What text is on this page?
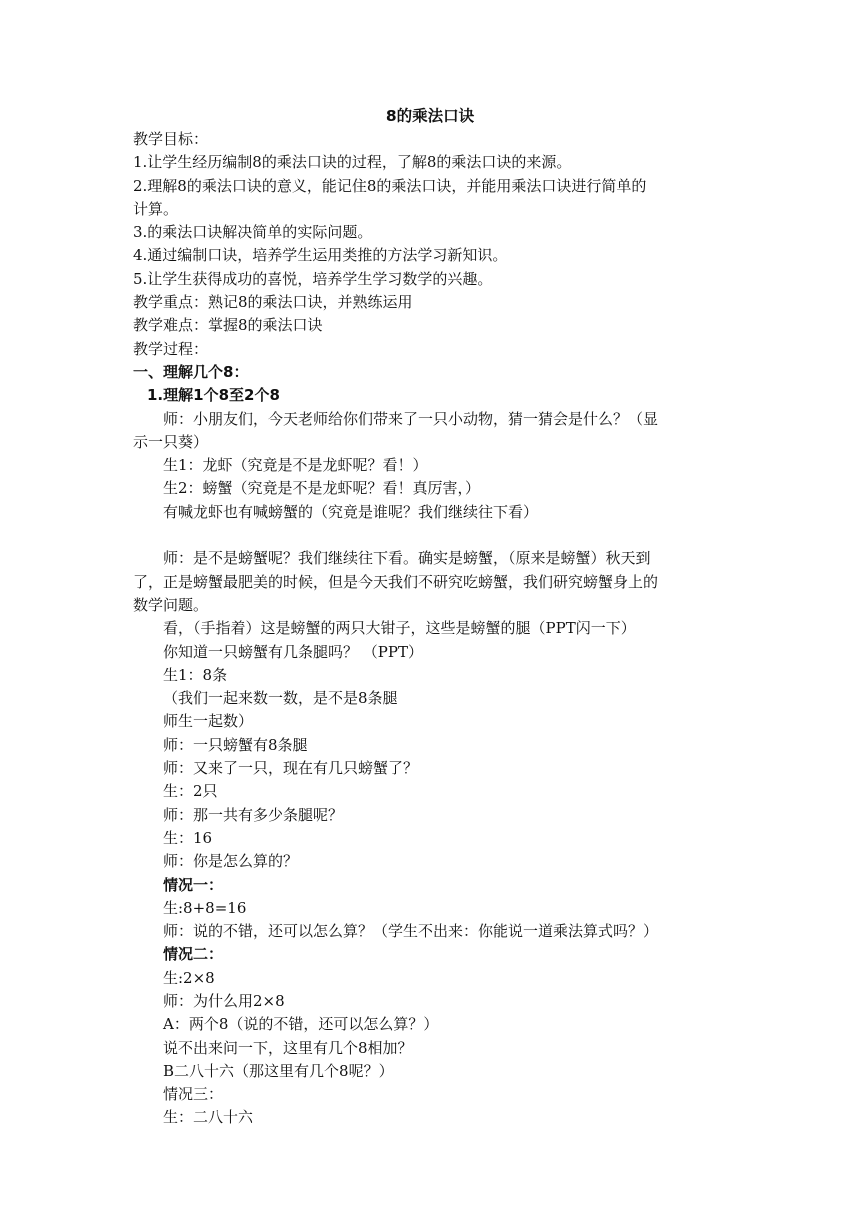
8的乘法口诀
教学目标：
1.让学生经历编制8的乘法口诀的过程，了解8的乘法口诀的来源。
2.理解8的乘法口诀的意义，能记住8的乘法口诀，并能用乘法口诀进行简单的
计算。
3.的乘法口诀解决简单的实际问题。
4.通过编制口诀，培养学生运用类推的方法学习新知识。
5.让学生获得成功的喜悦，培养学生学习数学的兴趣。
教学重点：熟记8的乘法口诀，并熟练运用
教学难点：掌握8的乘法口诀
教学过程：
一、理解几个8：
1.理解1个8至2个8
师：小朋友们，今天老师给你们带来了一只小动物，猜一猜会是什么？（显
示一只葵）
生1：龙虾（究竟是不是龙虾呢？看！）
生2：螃蟹（究竟是不是龙虾呢？看！真厉害，）
有喊龙虾也有喊螃蟹的（究竟是谁呢？我们继续往下看）
师：是不是螃蟹呢？我们继续往下看。确实是螃蟹，（原来是螃蟹）秋天到
了，正是螃蟹最肥美的时候，但是今天我们不研究吃螃蟹，我们研究螃蟹身上的
数学问题。
看，（手指着）这是螃蟹的两只大钳子，这些是螃蟹的腿（PPT闪一下）
你知道一只螃蟹有几条腿吗？ （PPT）
生1：8条
（我们一起来数一数，是不是8条腿
师生一起数）
师：一只螃蟹有8条腿
师：又来了一只，现在有几只螃蟹了？
生：2只
师：那一共有多少条腿呢？
生：16
师：你是怎么算的？
情况一：
生:8+8=16
师：说的不错，还可以怎么算？（学生不出来：你能说一道乘法算式吗？）
情况二：
生:2×8
师：为什么用2×8
A：两个8（说的不错，还可以怎么算？）
说不出来问一下，这里有几个8相加？
B二八十六（那这里有几个8呢？）
情况三：
生：二八十六
